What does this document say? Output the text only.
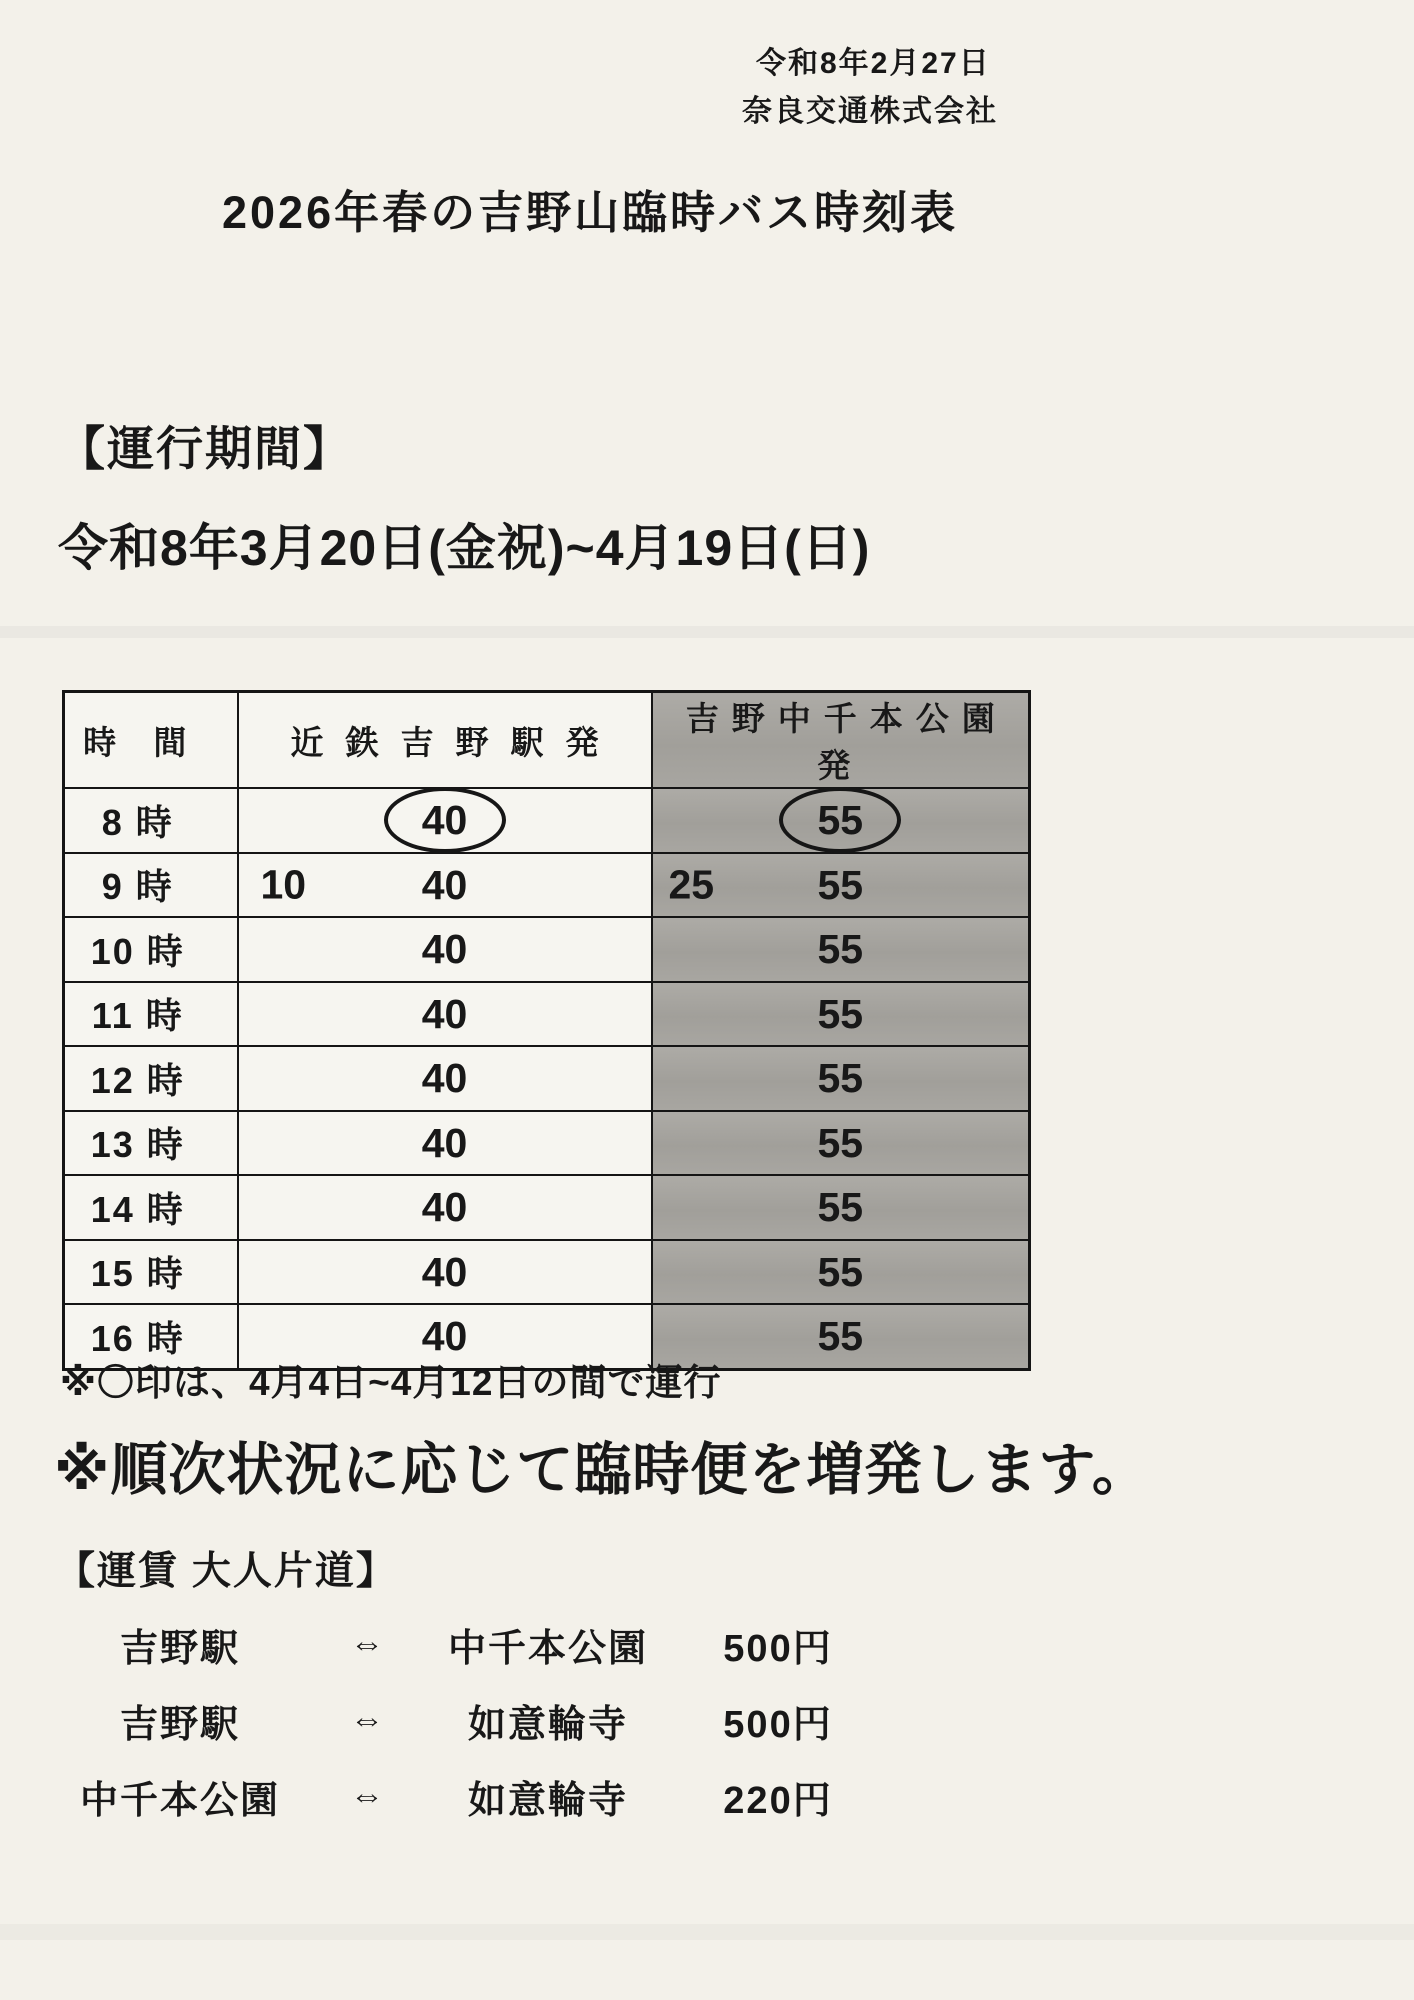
令和8年2月27日
奈良交通株式会社
2026年春の吉野山臨時バス時刻表
【運行期間】
令和8年3月20日(金祝)~4月19日(日)
時 間	近鉄吉野駅発	吉野中千本公園発
8 時	40	55
9 時	10 40	25 55
10 時	40	55
11 時	40	55
12 時	40	55
13 時	40	55
14 時	40	55
15 時	40	55
16 時	40	55
※〇印は、4月4日~4月12日の間で運行
※順次状況に応じて臨時便を増発します。
【運賃 大人片道】
吉野駅	⇔	中千本公園	500円
吉野駅	⇔	如意輪寺	500円
中千本公園	⇔	如意輪寺	220円
